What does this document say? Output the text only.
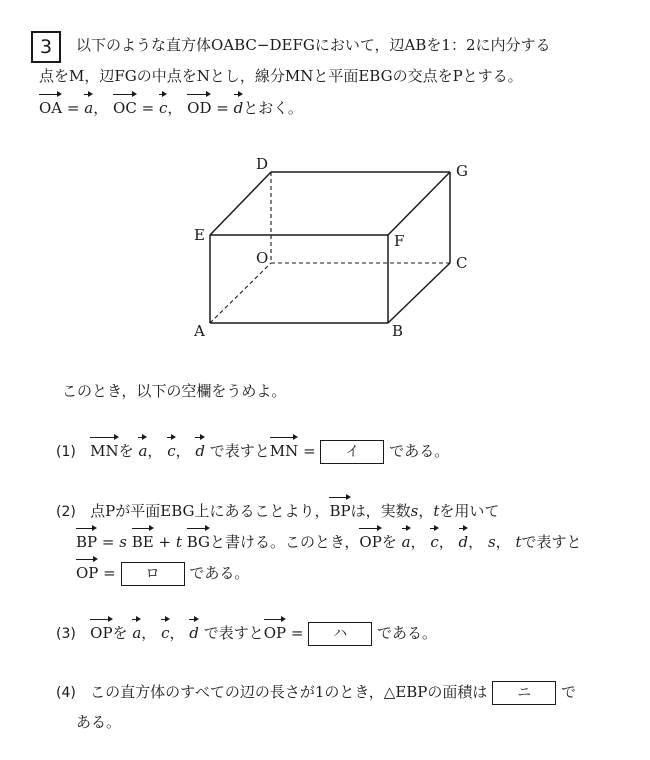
3	以下のような直方体OABC−DEFGにおいて，辺ABを1：2に内分する
点をM，辺FGの中点をNとし，線分MNと平面EBGの交点をPとする。
OA = a， OC = c， OD = dとおく。
D	G
E	F
O	C
A	B
このとき，以下の空欄をうめよ。
(1) MNを a， c， d で表すとMN = イ である。
(2) 点Pが平面EBG上にあることより，BPは，実数s，tを用いて
BP = s BE + t BGと書ける。このとき，OPを a， c， d， s， tで表すと
OP = ロ である。
(3) OPを a， c， d で表すとOP = ハ である。
(4) この直方体のすべての辺の長さが1のとき，△EBPの面積は ニ で
ある。
